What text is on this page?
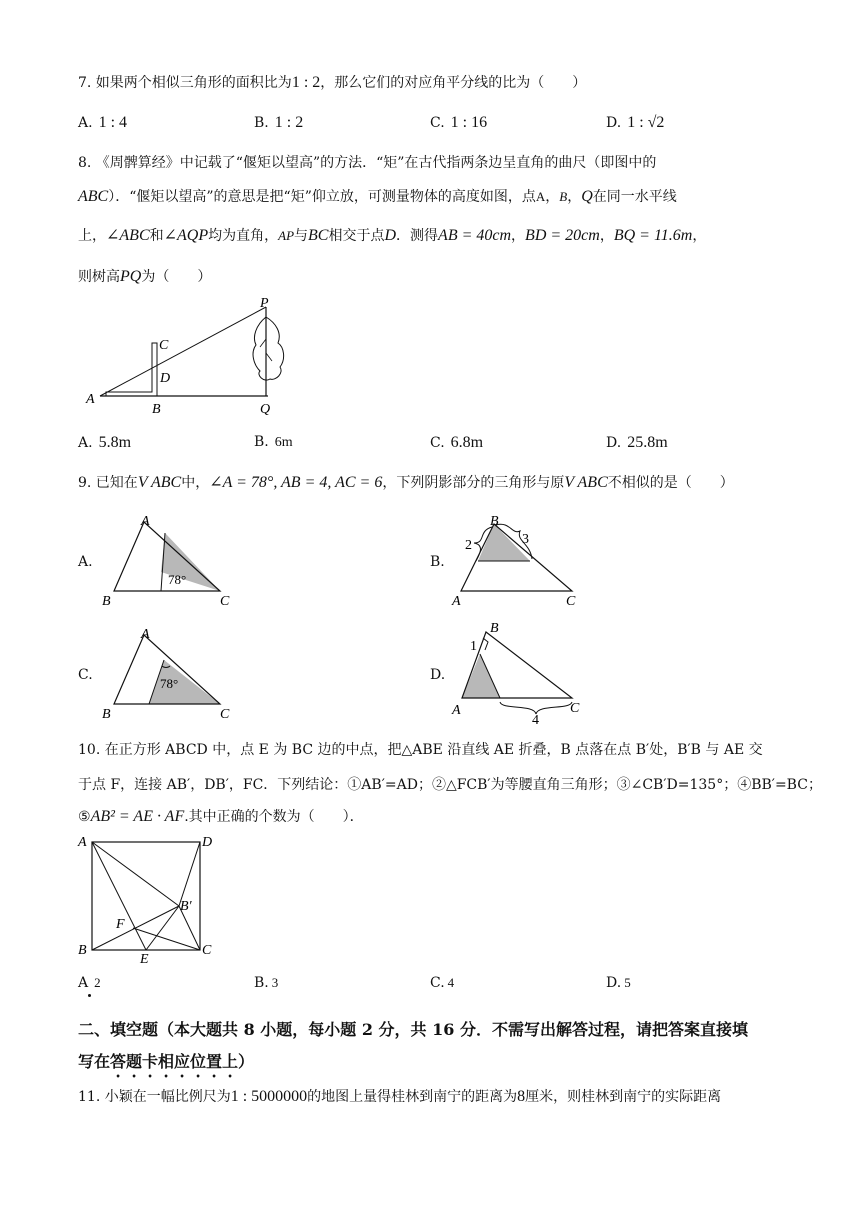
7. 如果两个相似三角形的面积比为1 : 2，那么它们的对应角平分线的比为（　　）
A. 1 : 4	B. 1 : 2	C. 1 : 16	D. 1 : √2
8. 《周髀算经》中记载了“偃矩以望高”的方法．“矩”在古代指两条边呈直角的曲尺（即图中的
ABC）．“偃矩以望高”的意思是把“矩”仰立放，可测量物体的高度如图，点A，B，Q在同一水平线
上，∠ABC和∠AQP均为直角，AP与BC相交于点D．测得AB = 40cm，BD = 20cm，BQ = 11.6m，
则树高PQ为（　　）
P
C
D
A
B	Q
A. 5.8m	B. 6m	C. 6.8m	D. 25.8m
9. 已知在V ABC中，∠A = 78°, AB = 4, AC = 6，下列阴影部分的三角形与原V ABC不相似的是（　　）
A.
A
B	C
78°
B.
B
A	C
2	3
C.
A
B	C
78°
D.
B
A	C
1
4
10. 在正方形 ABCD 中，点 E 为 BC 边的中点，把△ABE 沿直线 AE 折叠，B 点落在点 B′处，B′B 与 AE 交
于点 F，连接 AB′，DB′，FC．下列结论：①AB′=AD；②△FCB′为等腰直角三角形；③∠CB′D=135°；④BB′=BC；
⑤AB² = AE · AF.其中正确的个数为（　　）．
A	D
B	C
E
F
B′
A 2	B. 3	C. 4	D. 5
二、填空题（本大题共 8 小题，每小题 2 分，共 16 分．不需写出解答过程，请把答案直接填
写在答题卡相应位置上）
11. 小颖在一幅比例尺为1 : 5000000的地图上量得桂林到南宁的距离为8厘米，则桂林到南宁的实际距离
